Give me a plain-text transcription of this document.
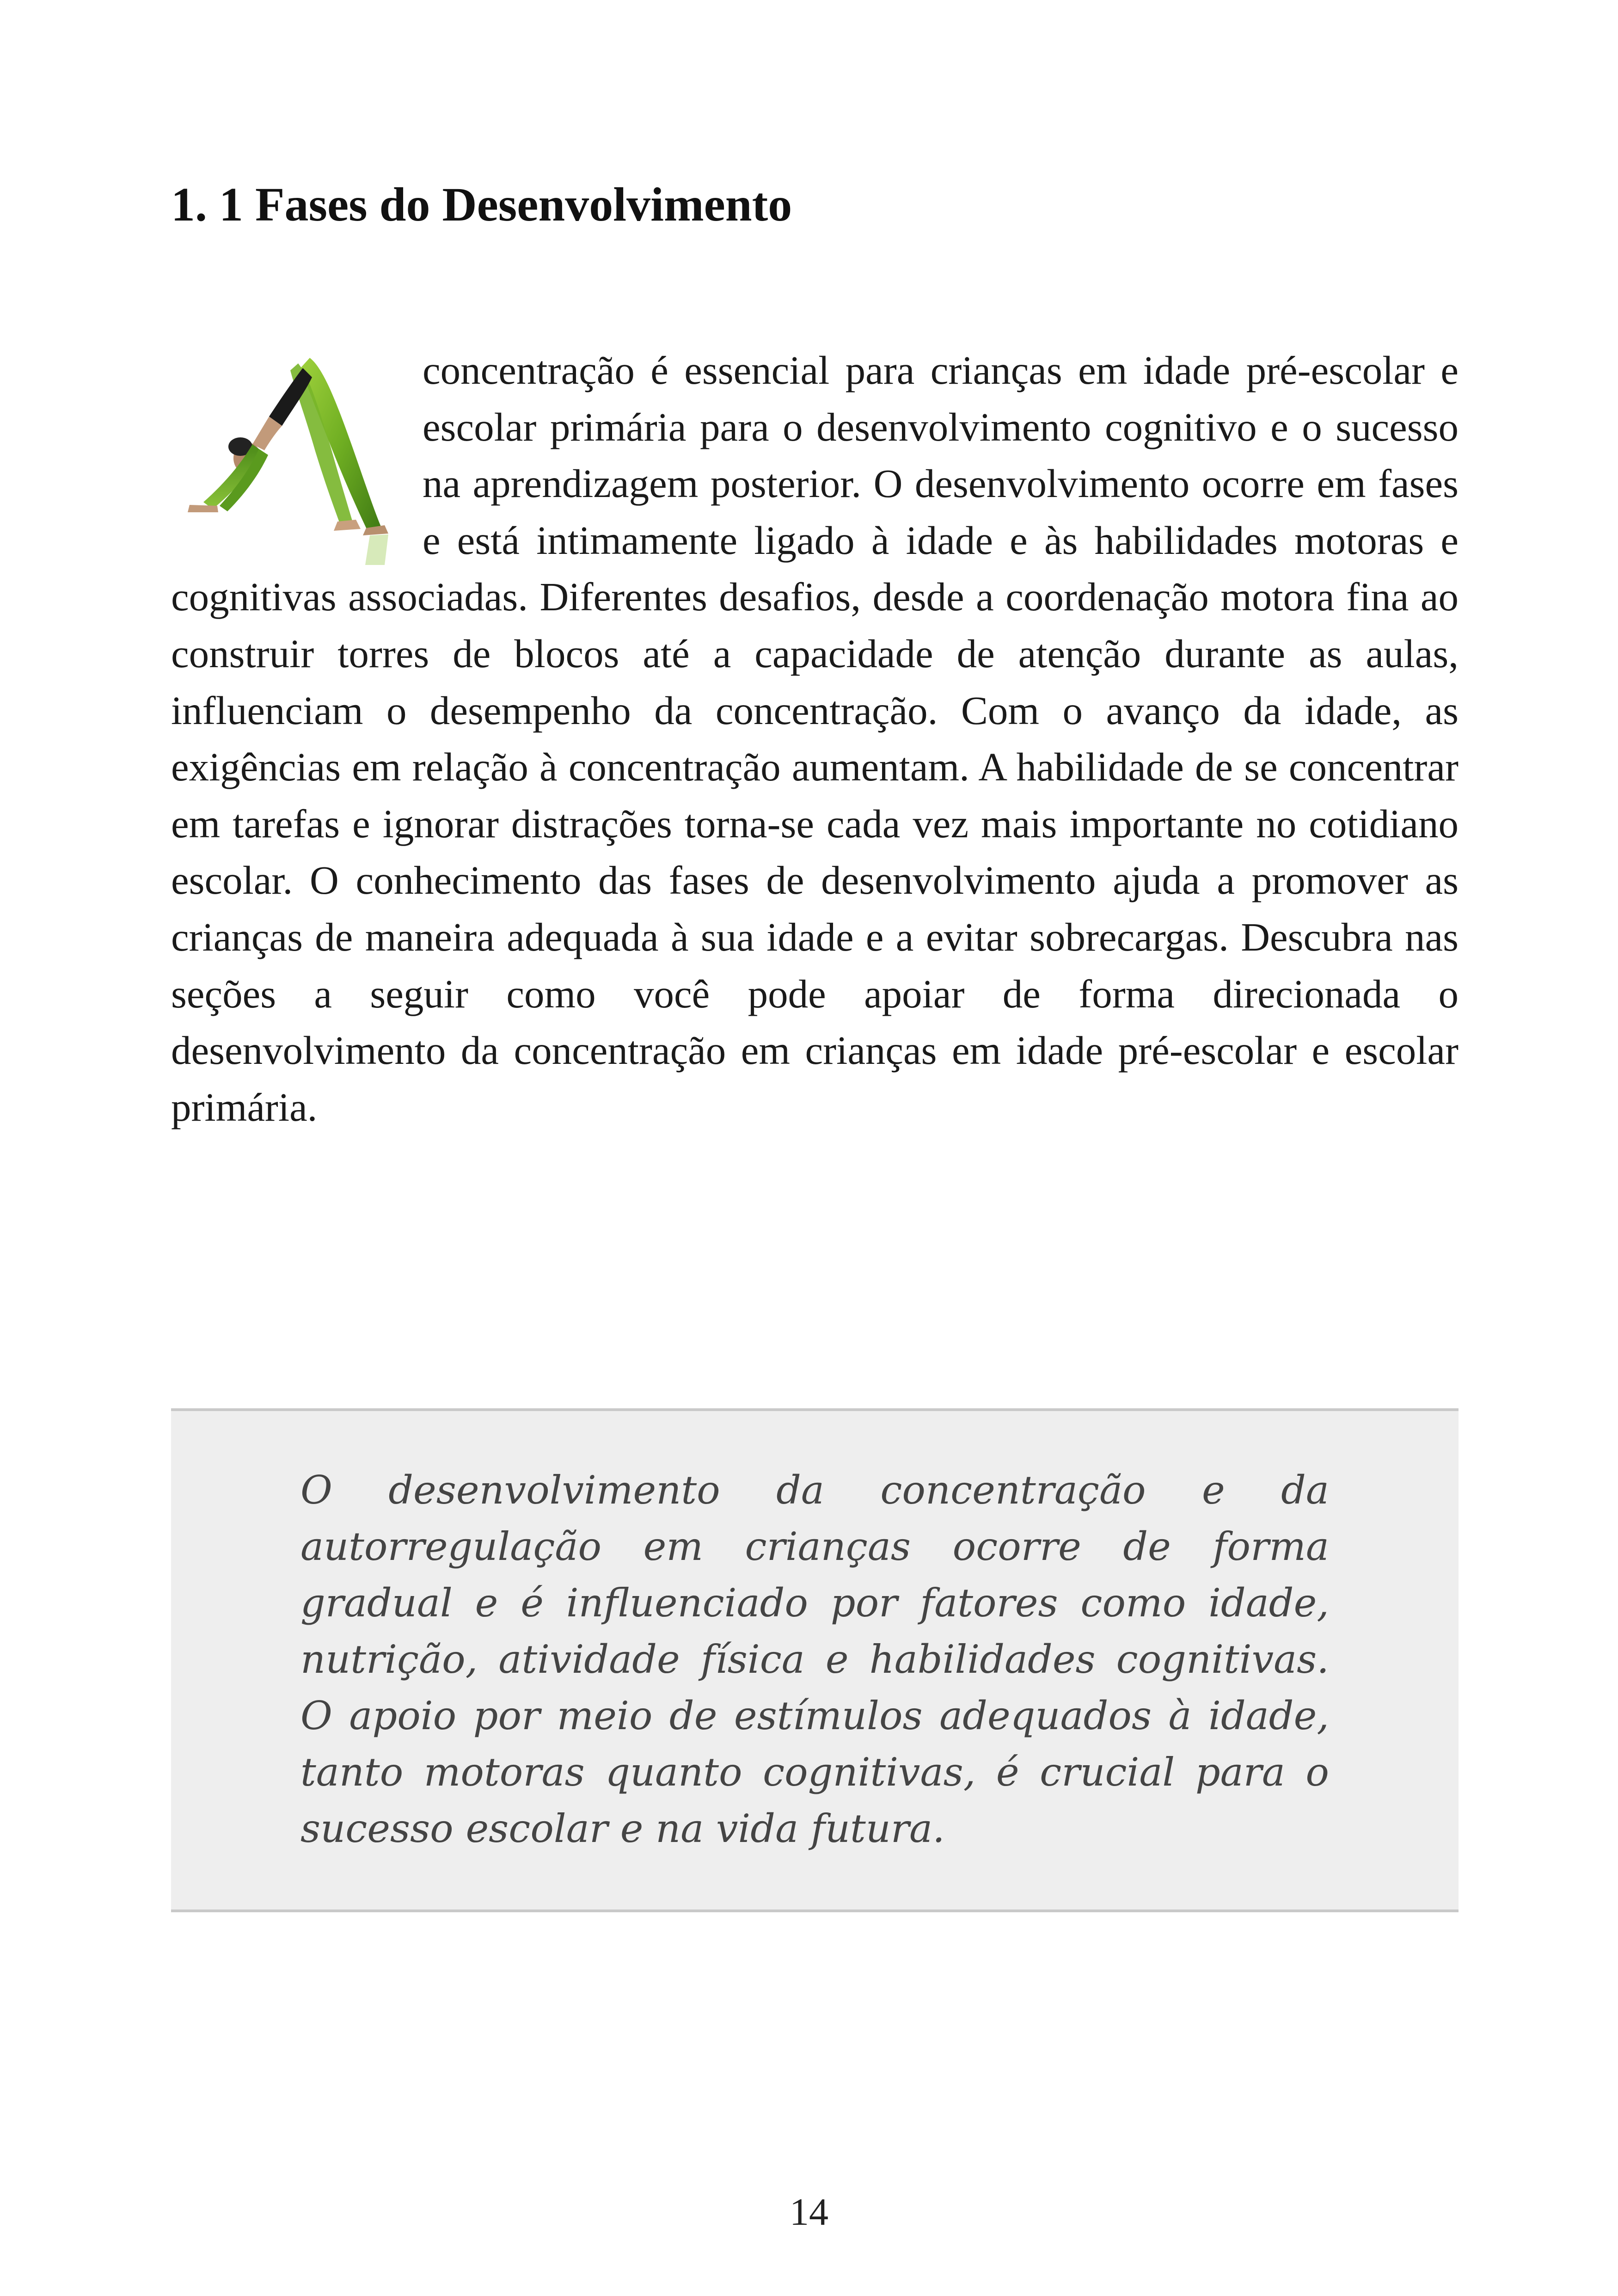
1. 1 Fases do Desenvolvimento
concentração é essencial para crianças em idade pré-escolar e escolar primária para o desenvolvimento cognitivo e o sucesso na aprendizagem posterior. O desenvolvimento ocorre em fases e está intimamente ligado à idade e às habilidades motoras e cognitivas associadas. Diferentes desafios, desde a coordenação motora fina ao construir torres de blocos até a capacidade de atenção durante as aulas, influenciam o desempenho da concentração. Com o avanço da idade, as exigências em relação à concentração aumentam. A habilidade de se concentrar em tarefas e ignorar distrações torna-se cada vez mais importante no cotidiano escolar. O conhecimento das fases de desenvolvimento ajuda a promover as crianças de maneira adequada à sua idade e a evitar sobrecargas. Descubra nas seções a seguir como você pode apoiar de forma direcionada o desenvolvimento da concentração em crianças em idade pré-escolar e escolar primária.

O desenvolvimento da concentração e da autorregulação em crianças ocorre de forma gradual e é influenciado por fatores como idade, nutrição, atividade física e habilidades cognitivas. O apoio por meio de estímulos adequados à idade, tanto motoras quanto cognitivas, é crucial para o sucesso escolar e na vida futura.

14
